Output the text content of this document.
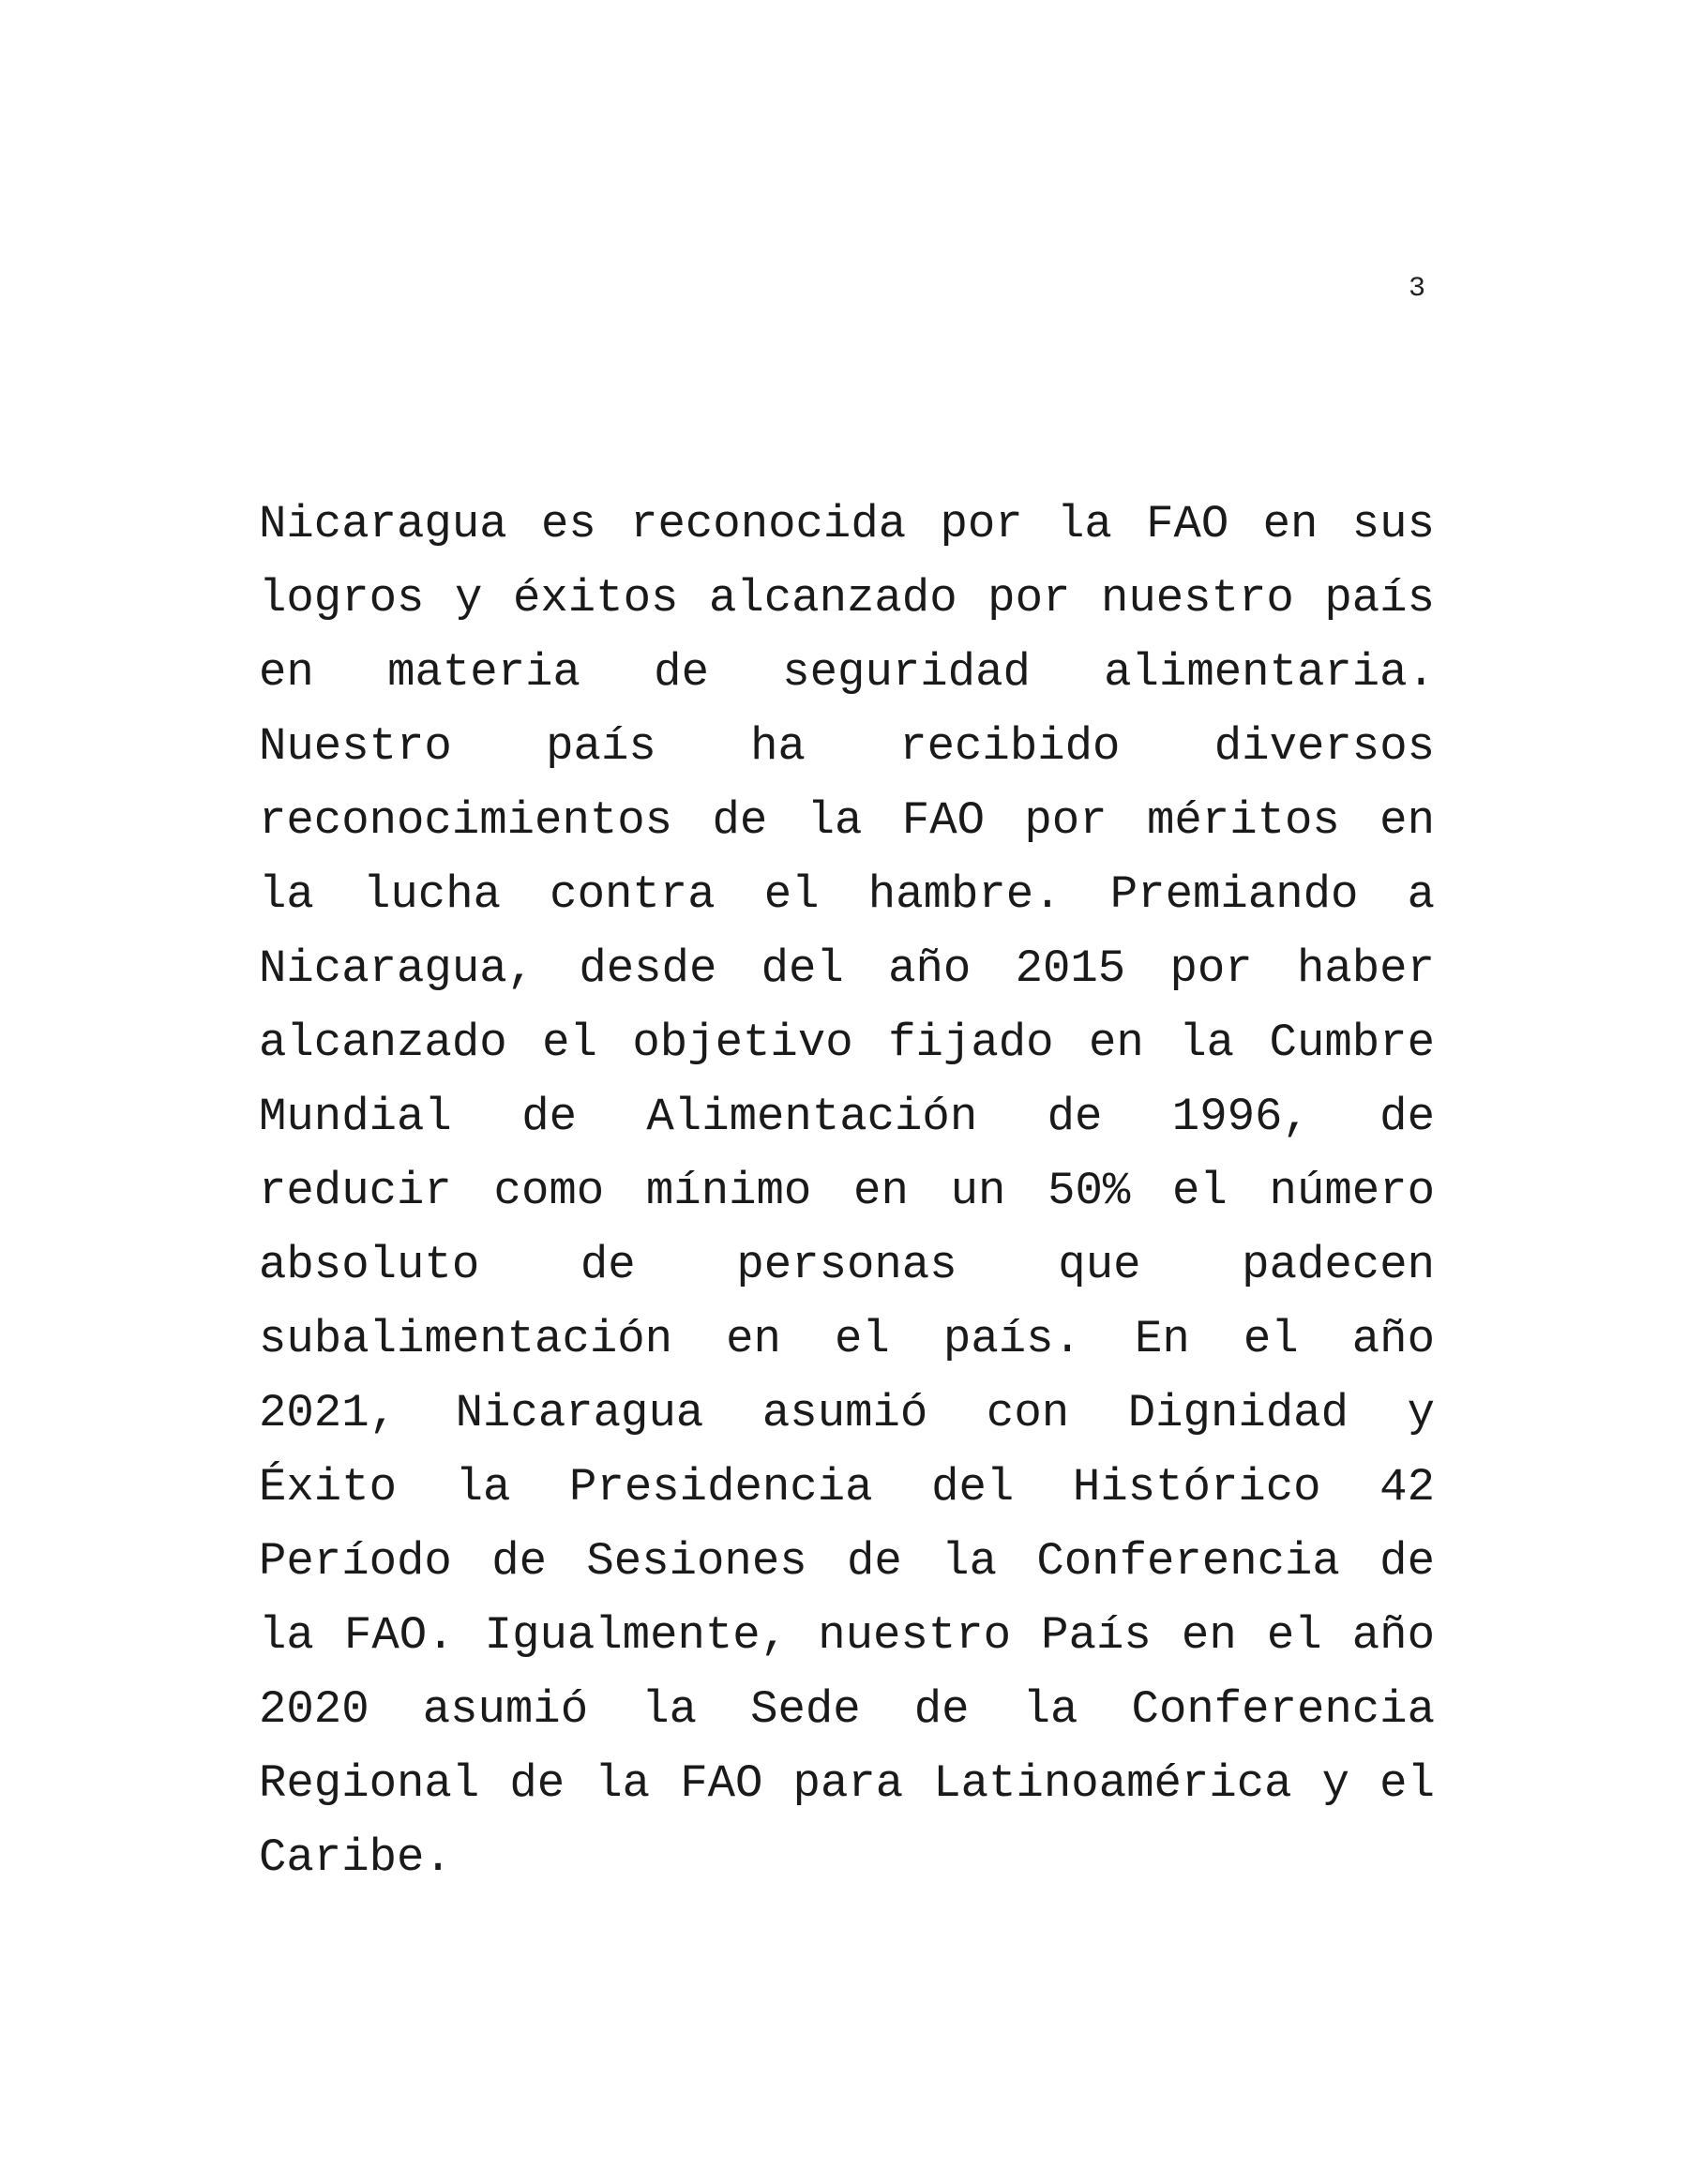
3
Nicaragua es reconocida por la FAO en sus
logros y éxitos alcanzado por nuestro país
en materia de seguridad alimentaria.
Nuestro país ha recibido diversos
reconocimientos de la FAO por méritos en
la lucha contra el hambre. Premiando a
Nicaragua, desde del año 2015 por haber
alcanzado el objetivo fijado en la Cumbre
Mundial de Alimentación de 1996, de
reducir como mínimo en un 50% el número
absoluto de personas que padecen
subalimentación en el país. En el año
2021, Nicaragua asumió con Dignidad y
Éxito la Presidencia del Histórico 42
Período de Sesiones de la Conferencia de
la FAO. Igualmente, nuestro País en el año
2020 asumió la Sede de la Conferencia
Regional de la FAO para Latinoamérica y el
Caribe.
